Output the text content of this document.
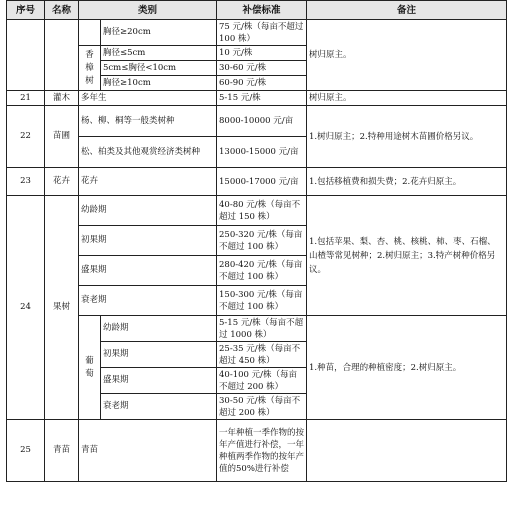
序号	名称	类别		补偿标准	备注
			胸径≥20cm	75 元/株（每亩不超过 100 株）	树归原主。
		香樟树	胸径≤5cm	10 元/株	
			5cm≤胸径<10cm	30-60 元/株	
			胸径≥10cm	60-90 元/株	
21	灌木	多年生		5-15 元/株	树归原主。
22	苗圃	杨、柳、桐等一般类树种		8000-10000 元/亩	1.树归原主；2.特种用途树木苗圃价格另议。
		松、柏类及其他观赏经济类树种		13000-15000 元/亩	
23	花卉	花卉		15000-17000 元/亩	1.包括移植费和损失费；2.花卉归原主。
24	果树	幼龄期		40-80 元/株（每亩不超过 150 株）	1.包括苹果、梨、杏、桃、核桃、柿、枣、石榴、山楂等常见树种；2.树归原主；3.特产树种价格另议。
		初果期		250-320 元/株（每亩不超过 100 株）	
		盛果期		280-420 元/株（每亩不超过 100 株）	
		衰老期		150-300 元/株（每亩不超过 100 株）	
		葡萄	幼龄期	5-15 元/株（每亩不超过 1000 株）	1.种苗，合理的种植密度；2.树归原主。
			初果期	25-35 元/株（每亩不超过 450 株）	
			盛果期	40-100 元/株（每亩不超过 200 株）	
			衰老期	30-50 元/株（每亩不超过 200 株）	
25	青苗	青苗		一年种植一季作物的按年产值进行补偿，一年种植两季作物的按年产值的50%进行补偿	
